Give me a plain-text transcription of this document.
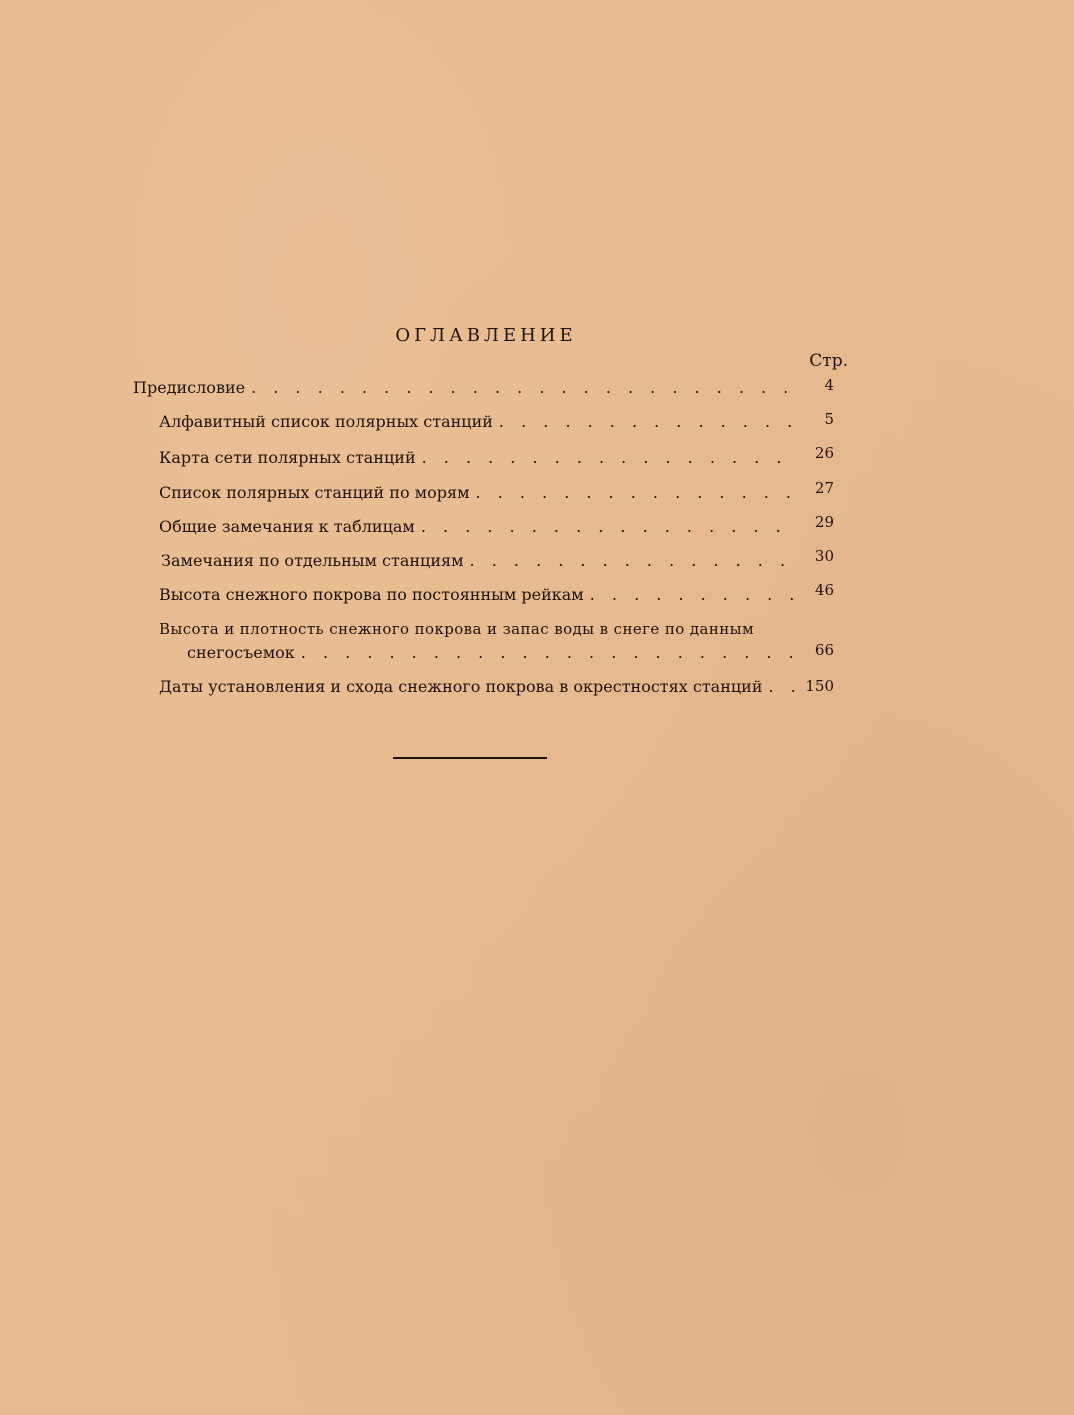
ОГЛАВЛЕНИЕ
Стр.
Предисловие . . .	4
Алфавитный список полярных станций . . .	5
Карта сети полярных станций . . .	26
Список полярных станций по морям . . .	27
Общие замечания к таблицам . . .	29
Замечания по отдельным станциям . . .	30
Высота снежного покрова по постоянным рейкам . . .	46
Высота и плотность снежного покрова и запас воды в снеге по данным
снегосъемок . . .	66
Даты установления и схода снежного покрова в окрестностях станций . . .	150
